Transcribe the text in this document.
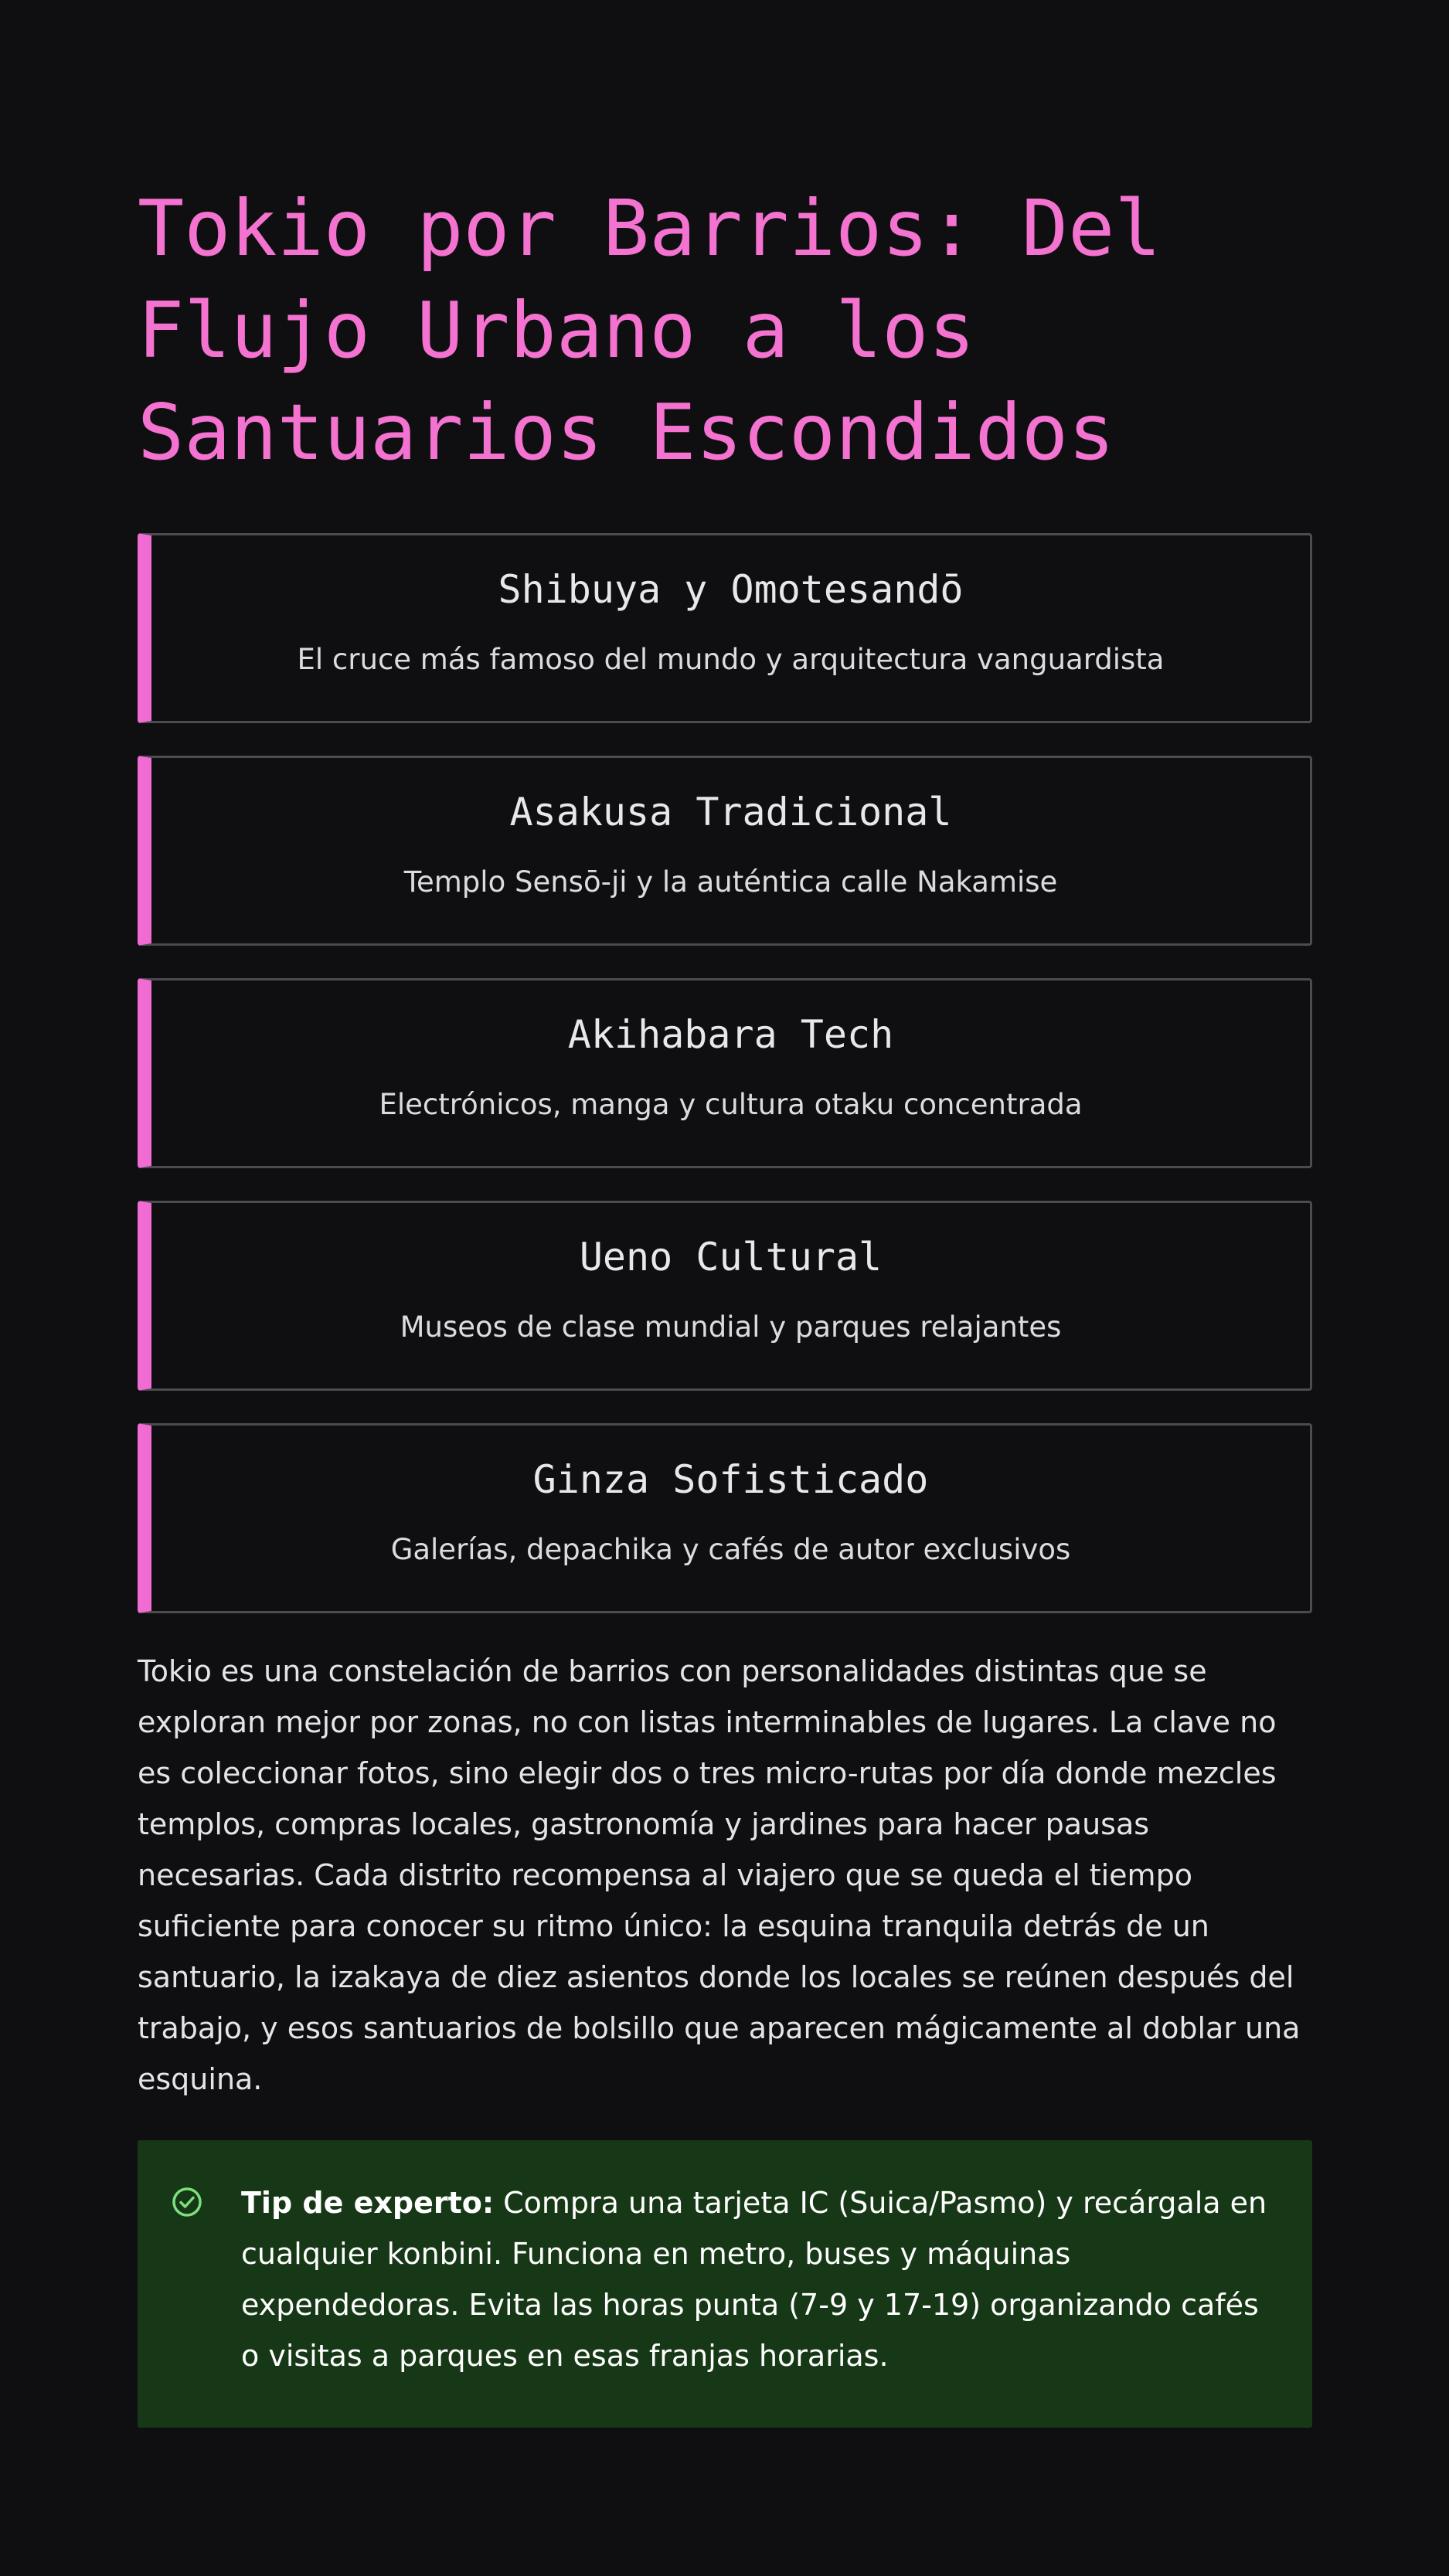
Tokio por Barrios: Del Flujo Urbano a los Santuarios Escondidos
Shibuya y Omotesandō
El cruce más famoso del mundo y arquitectura vanguardista
Asakusa Tradicional
Templo Sensō-ji y la auténtica calle Nakamise
Akihabara Tech
Electrónicos, manga y cultura otaku concentrada
Ueno Cultural
Museos de clase mundial y parques relajantes
Ginza Sofisticado
Galerías, depachika y cafés de autor exclusivos

Tokio es una constelación de barrios con personalidades distintas que se exploran mejor por zonas, no con listas interminables de lugares. La clave no es coleccionar fotos, sino elegir dos o tres micro-rutas por día donde mezcles templos, compras locales, gastronomía y jardines para hacer pausas necesarias. Cada distrito recompensa al viajero que se queda el tiempo suficiente para conocer su ritmo único: la esquina tranquila detrás de un santuario, la izakaya de diez asientos donde los locales se reúnen después del trabajo, y esos santuarios de bolsillo que aparecen mágicamente al doblar una esquina.

Tip de experto: Compra una tarjeta IC (Suica/Pasmo) y recárgala en cualquier konbini. Funciona en metro, buses y máquinas expendedoras. Evita las horas punta (7-9 y 17-19) organizando cafés o visitas a parques en esas franjas horarias.
